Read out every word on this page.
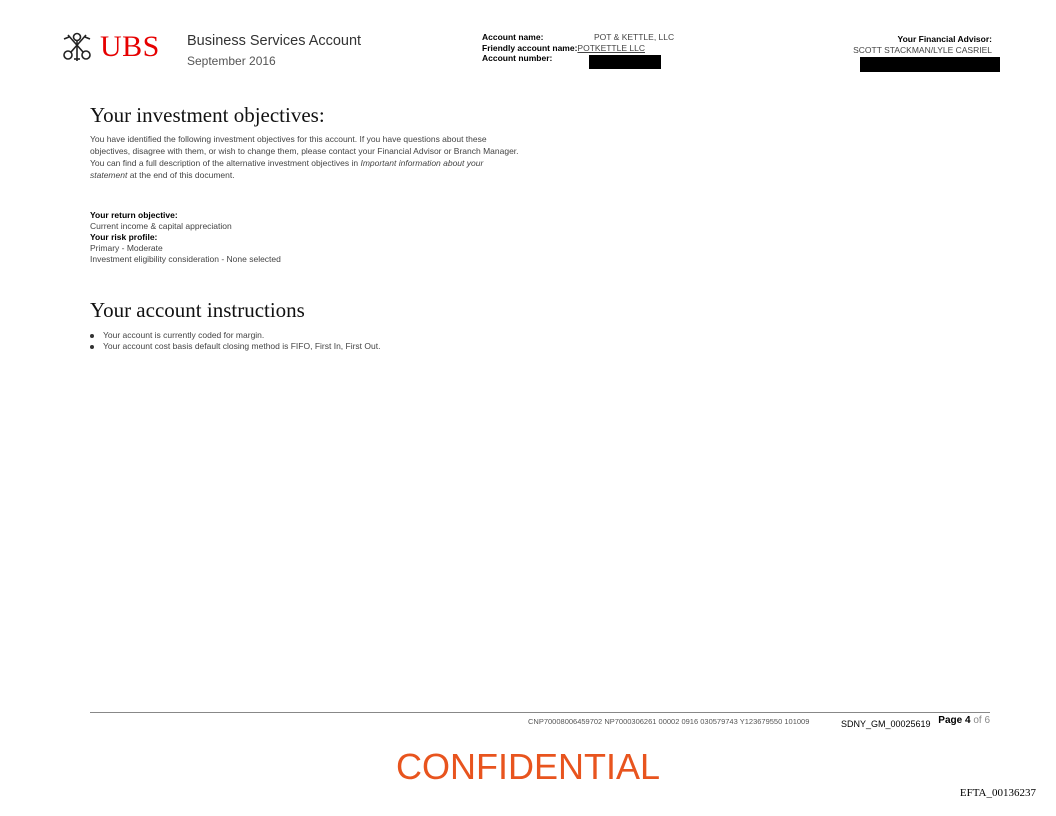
UBS Business Services Account
September 2016
Account name:	POT & KETTLE, LLC
Friendly account name: POTKETTLE LLC
Account number:
Your Financial Advisor:
SCOTT STACKMAN/LYLE CASRIEL
Your investment objectives:
You have identified the following investment objectives for this account. If you have questions about these objectives, disagree with them, or wish to change them, please contact your Financial Advisor or Branch Manager. You can find a full description of the alternative investment objectives in Important information about your statement at the end of this document.
Your return objective:
Current income & capital appreciation
Your risk profile:
Primary - Moderate
Investment eligibility consideration - None selected
Your account instructions
Your account is currently coded for margin.
Your account cost basis default closing method is FIFO, First In, First Out.
CNP70008006459702 NP7000306261 00002 0916 030579743 Y123679550 101009	SDNY_GM_00025619 Page 4 of 6
CONFIDENTIAL
EFTA_00136237
